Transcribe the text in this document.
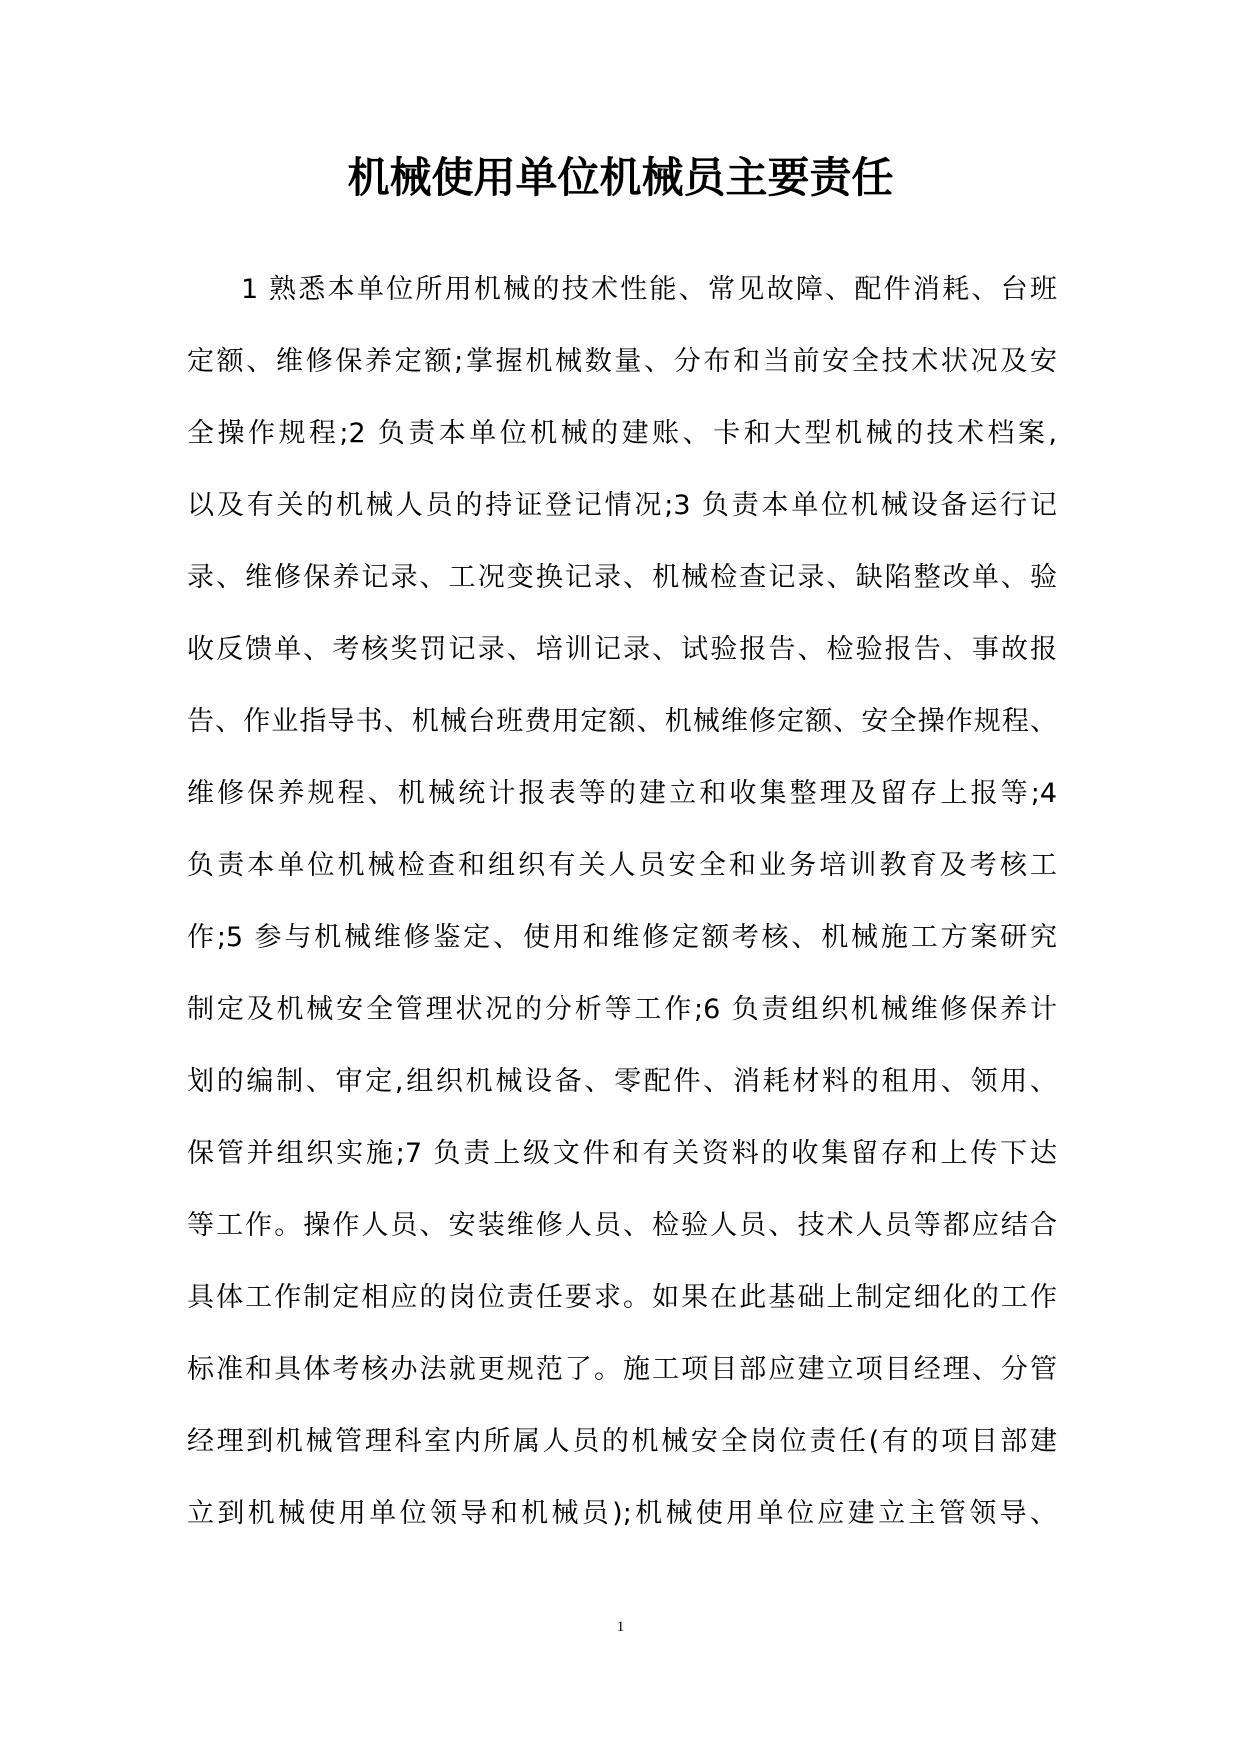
机械使用单位机械员主要责任
1 熟悉本单位所用机械的技术性能、常见故障、配件消耗、台班
定额、维修保养定额;掌握机械数量、分布和当前安全技术状况及安
全操作规程;2 负责本单位机械的建账、卡和大型机械的技术档案,
以及有关的机械人员的持证登记情况;3 负责本单位机械设备运行记
录、维修保养记录、工况变换记录、机械检查记录、缺陷整改单、验
收反馈单、考核奖罚记录、培训记录、试验报告、检验报告、事故报
告、作业指导书、机械台班费用定额、机械维修定额、安全操作规程、
维修保养规程、机械统计报表等的建立和收集整理及留存上报等;4
负责本单位机械检查和组织有关人员安全和业务培训教育及考核工
作;5 参与机械维修鉴定、使用和维修定额考核、机械施工方案研究
制定及机械安全管理状况的分析等工作;6 负责组织机械维修保养计
划的编制、审定,组织机械设备、零配件、消耗材料的租用、领用、
保管并组织实施;7 负责上级文件和有关资料的收集留存和上传下达
等工作。操作人员、安装维修人员、检验人员、技术人员等都应结合
具体工作制定相应的岗位责任要求。如果在此基础上制定细化的工作
标准和具体考核办法就更规范了。施工项目部应建立项目经理、分管
经理到机械管理科室内所属人员的机械安全岗位责任(有的项目部建
立到机械使用单位领导和机械员);机械使用单位应建立主管领导、
1
